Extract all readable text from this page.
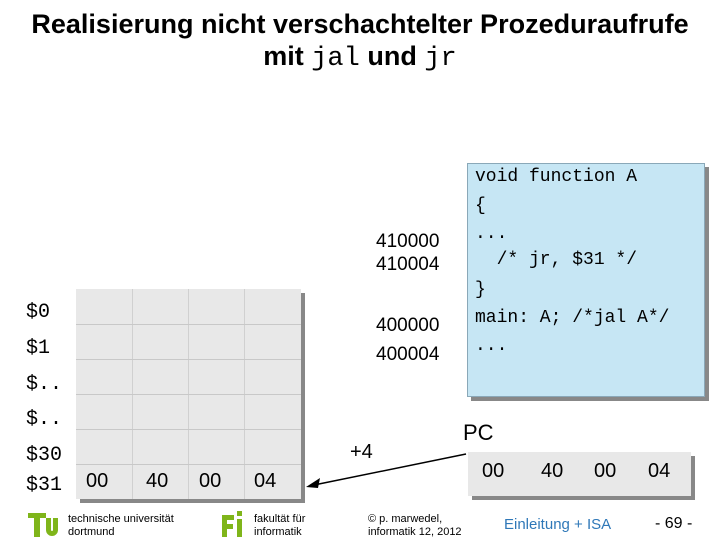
Realisierung nicht verschachtelter Prozeduraufrufe
mit jal und jr
$0
$1
$..
$..
$30
$31 00 40 00 04
410000
410004
400000
400004
void function A
{
...
/* jr, $31 */
}
main: A; /*jal A*/
...
PC
00 40 00 04
+4
technische universität
dortmund
fakultät für
informatik
© p. marwedel,
informatik 12, 2012	Einleitung + ISA	- 69 -
